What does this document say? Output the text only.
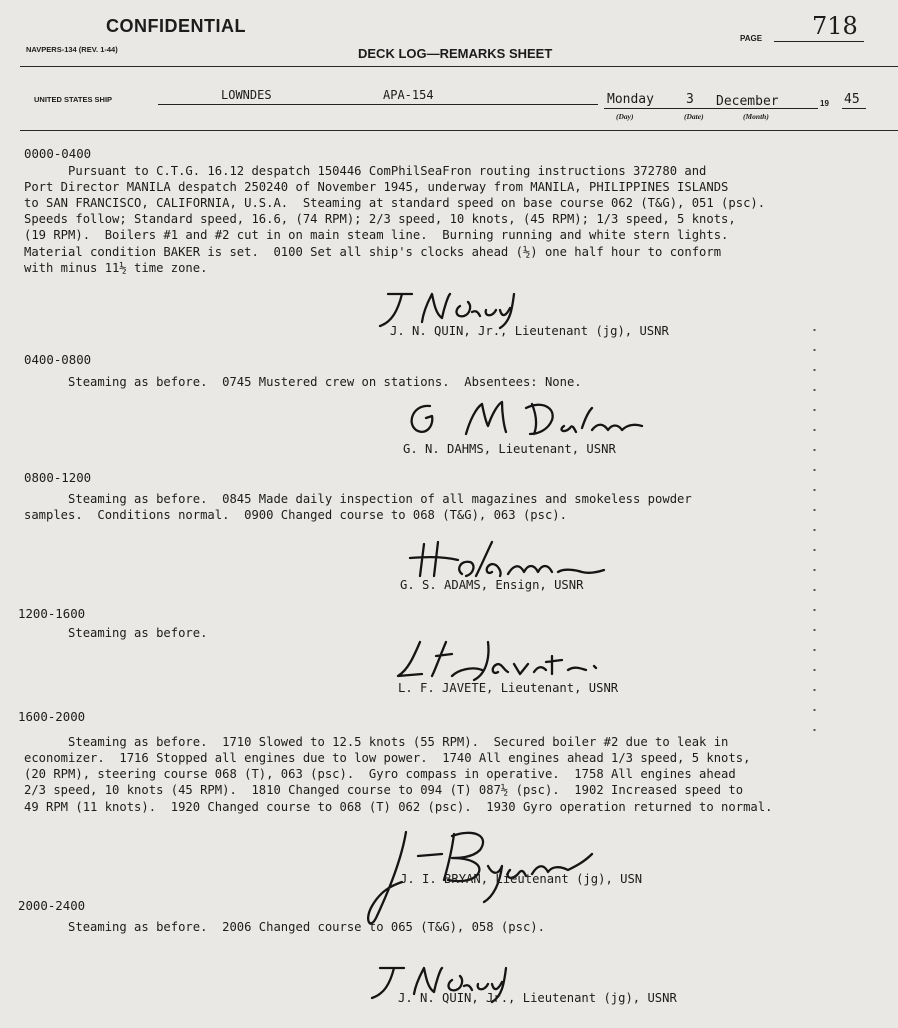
CONFIDENTIAL
NAVPERS-134 (REV. 1-44)	DECK LOG—REMARKS SHEET
PAGE 718
UNITED STATES SHIP	LOWNDES	APA-154	Monday 3 December
(Day)	(Date)	(Month)
19 45
0000-0400
Pursuant to C.T.G. 16.12 despatch 150446 ComPhilSeaFron routing instructions 372780 and
Port Director MANILA despatch 250240 of November 1945, underway from MANILA, PHILIPPINES ISLANDS
to SAN FRANCISCO, CALIFORNIA, U.S.A.  Steaming at standard speed on base course 062 (T&G), 051 (psc).
Speeds follow; Standard speed, 16.6, (74 RPM); 2/3 speed, 10 knots, (45 RPM); 1/3 speed, 5 knots,
(19 RPM).  Boilers #1 and #2 cut in on main steam line.  Burning running and white stern lights.
Material condition BAKER is set.  0100 Set all ship's clocks ahead (½) one half hour to conform
with minus 11½ time zone.
J. N. QUIN, Jr., Lieutenant (jg), USNR
0400-0800
Steaming as before.  0745 Mustered crew on stations.  Absentees: None.
G. N. DAHMS, Lieutenant, USNR
0800-1200
Steaming as before.  0845 Made daily inspection of all magazines and smokeless powder
samples.  Conditions normal.  0900 Changed course to 068 (T&G), 063 (psc).
G. S. ADAMS, Ensign, USNR
1200-1600
Steaming as before.
L. F. JAVETE, Lieutenant, USNR
1600-2000
Steaming as before.  1710 Slowed to 12.5 knots (55 RPM).  Secured boiler #2 due to leak in
economizer.  1716 Stopped all engines due to low power.  1740 All engines ahead 1/3 speed, 5 knots,
(20 RPM), steering course 068 (T), 063 (psc).  Gyro compass in operative.  1758 All engines ahead
2/3 speed, 10 knots (45 RPM).  1810 Changed course to 094 (T) 087½ (psc).  1902 Increased speed to
49 RPM (11 knots).  1920 Changed course to 068 (T) 062 (psc).  1930 Gyro operation returned to normal.
J. I. BRYAN, Lieutenant (jg), USN
2000-2400
Steaming as before.  2006 Changed course to 065 (T&G), 058 (psc).
J. N. QUIN, Jr., Lieutenant (jg), USNR
